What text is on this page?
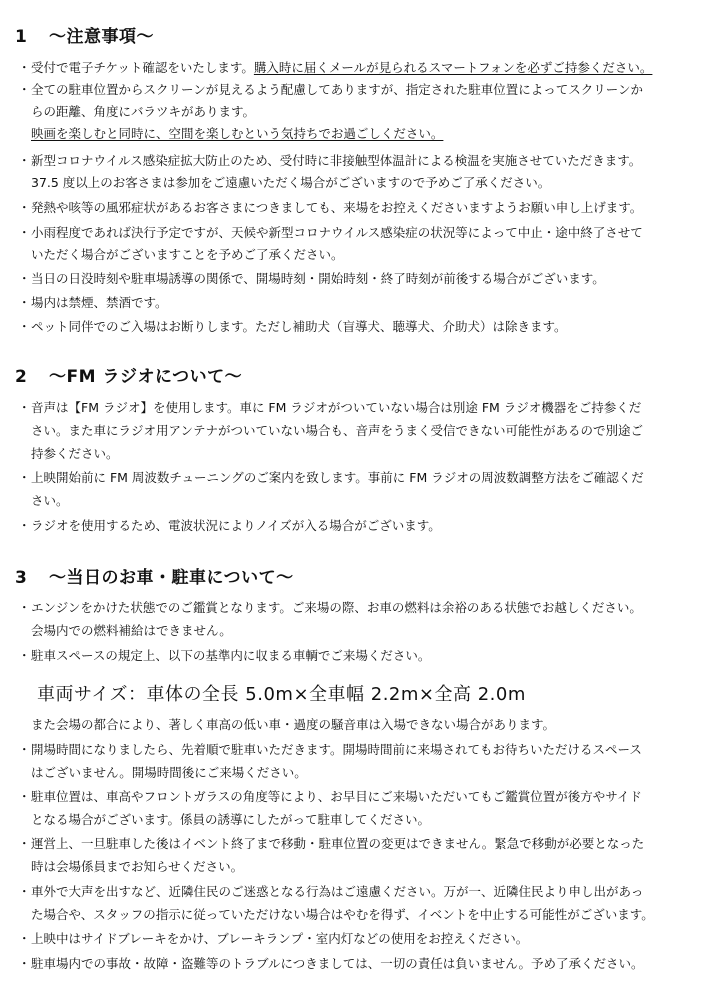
1 〜注意事項〜
・受付で電子チケット確認をいたします。購入時に届くメールが見られるスマートフォンを必ずご持参ください。
・全ての駐車位置からスクリーンが見えるよう配慮してありますが、指定された駐車位置によってスクリーンか
らの距離、角度にバラツキがあります。
映画を楽しむと同時に、空間を楽しむという気持ちでお過ごしください。
・新型コロナウイルス感染症拡大防止のため、受付時に非接触型体温計による検温を実施させていただきます。
37.5 度以上のお客さまは参加をご遠慮いただく場合がございますので予めご了承ください。
・発熱や咳等の風邪症状があるお客さまにつきましても、来場をお控えくださいますようお願い申し上げます。
・小雨程度であれば決行予定ですが、天候や新型コロナウイルス感染症の状況等によって中止・途中終了させて
いただく場合がございますことを予めご了承ください。
・当日の日没時刻や駐車場誘導の関係で、開場時刻・開始時刻・終了時刻が前後する場合がございます。
・場内は禁煙、禁酒です。
・ペット同伴でのご入場はお断りします。ただし補助犬（盲導犬、聴導犬、介助犬）は除きます。
2 〜FM ラジオについて〜
・音声は【FM ラジオ】を使用します。車に FM ラジオがついていない場合は別途 FM ラジオ機器をご持参くだ
さい。また車にラジオ用アンテナがついていない場合も、音声をうまく受信できない可能性があるので別途ご
持参ください。
・上映開始前に FM 周波数チューニングのご案内を致します。事前に FM ラジオの周波数調整方法をご確認くだ
さい。
・ラジオを使用するため、電波状況によりノイズが入る場合がございます。
3 〜当日のお車・駐車について〜
・エンジンをかけた状態でのご鑑賞となります。ご来場の際、お車の燃料は余裕のある状態でお越しください。
会場内での燃料補給はできません。
・駐車スペースの規定上、以下の基準内に収まる車輌でご来場ください。
車両サイズ：車体の全長 5.0m×全車幅 2.2m×全高 2.0m
また会場の都合により、著しく車高の低い車・過度の騒音車は入場できない場合があります。
・開場時間になりましたら、先着順で駐車いただきます。開場時間前に来場されてもお待ちいただけるスペース
はございません。開場時間後にご来場ください。
・駐車位置は、車高やフロントガラスの角度等により、お早目にご来場いただいてもご鑑賞位置が後方やサイド
となる場合がございます。係員の誘導にしたがって駐車してください。
・運営上、一旦駐車した後はイベント終了まで移動・駐車位置の変更はできません。緊急で移動が必要となった
時は会場係員までお知らせください。
・車外で大声を出すなど、近隣住民のご迷惑となる行為はご遠慮ください。万が一、近隣住民より申し出があっ
た場合や、スタッフの指示に従っていただけない場合はやむを得ず、イベントを中止する可能性がございます。
・上映中はサイドブレーキをかけ、ブレーキランプ・室内灯などの使用をお控えください。
・駐車場内での事故・故障・盗難等のトラブルにつきましては、一切の責任は負いません。予め了承ください。
